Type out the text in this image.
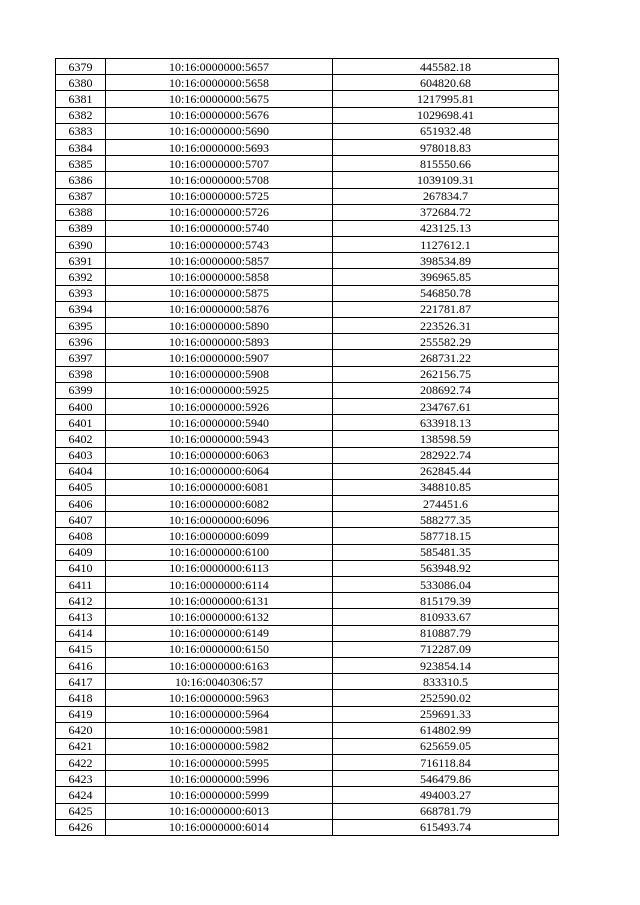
6379	10:16:0000000:5657	445582.18
6380	10:16:0000000:5658	604820.68
6381	10:16:0000000:5675	1217995.81
6382	10:16:0000000:5676	1029698.41
6383	10:16:0000000:5690	651932.48
6384	10:16:0000000:5693	978018.83
6385	10:16:0000000:5707	815550.66
6386	10:16:0000000:5708	1039109.31
6387	10:16:0000000:5725	267834.7
6388	10:16:0000000:5726	372684.72
6389	10:16:0000000:5740	423125.13
6390	10:16:0000000:5743	1127612.1
6391	10:16:0000000:5857	398534.89
6392	10:16:0000000:5858	396965.85
6393	10:16:0000000:5875	546850.78
6394	10:16:0000000:5876	221781.87
6395	10:16:0000000:5890	223526.31
6396	10:16:0000000:5893	255582.29
6397	10:16:0000000:5907	268731.22
6398	10:16:0000000:5908	262156.75
6399	10:16:0000000:5925	208692.74
6400	10:16:0000000:5926	234767.61
6401	10:16:0000000:5940	633918.13
6402	10:16:0000000:5943	138598.59
6403	10:16:0000000:6063	282922.74
6404	10:16:0000000:6064	262845.44
6405	10:16:0000000:6081	348810.85
6406	10:16:0000000:6082	274451.6
6407	10:16:0000000:6096	588277.35
6408	10:16:0000000:6099	587718.15
6409	10:16:0000000:6100	585481.35
6410	10:16:0000000:6113	563948.92
6411	10:16:0000000:6114	533086.04
6412	10:16:0000000:6131	815179.39
6413	10:16:0000000:6132	810933.67
6414	10:16:0000000:6149	810887.79
6415	10:16:0000000:6150	712287.09
6416	10:16:0000000:6163	923854.14
6417	10:16:0040306:57	833310.5
6418	10:16:0000000:5963	252590.02
6419	10:16:0000000:5964	259691.33
6420	10:16:0000000:5981	614802.99
6421	10:16:0000000:5982	625659.05
6422	10:16:0000000:5995	716118.84
6423	10:16:0000000:5996	546479.86
6424	10:16:0000000:5999	494003.27
6425	10:16:0000000:6013	668781.79
6426	10:16:0000000:6014	615493.74
